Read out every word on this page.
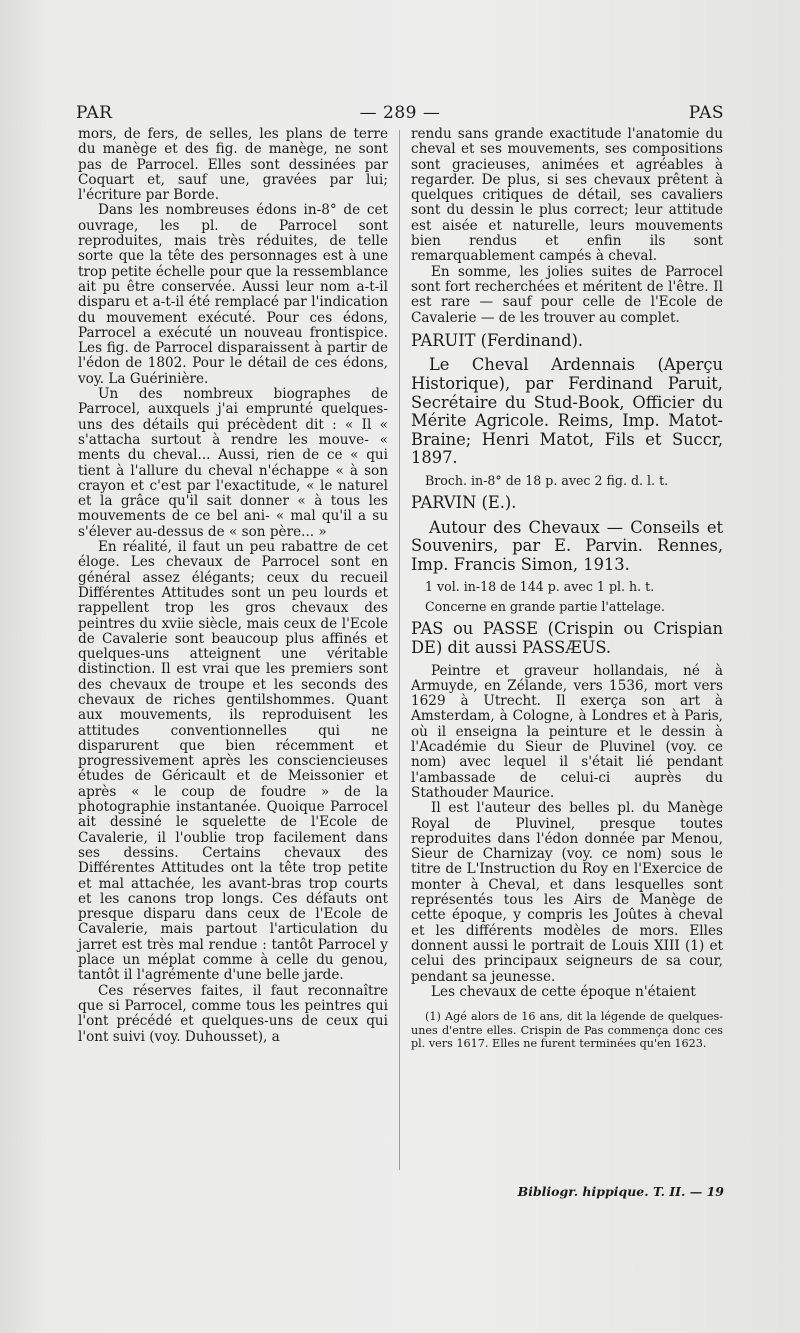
PAR	— 289 —	PAS

mors, de fers, de selles, les plans de terre du manège et des fig. de manège, ne sont pas de Parrocel. Elles sont dessinées par Coquart et, sauf une, gravées par lui; l'écriture par Borde.

Dans les nombreuses édons in-8° de cet ouvrage, les pl. de Parrocel sont reproduites, mais très réduites, de telle sorte que la tête des personnages est à une trop petite échelle pour que la ressemblance ait pu être conservée. Aussi leur nom a-t-il disparu et a-t-il été remplacé par l'indication du mouvement exécuté. Pour ces édons, Parrocel a exécuté un nouveau frontispice. Les fig. de Parrocel disparaissent à partir de l'édon de 1802. Pour le détail de ces édons, voy. La Guérinière.

Un des nombreux biographes de Parrocel, auxquels j'ai emprunté quelques-uns des détails qui précèdent dit : « Il « s'attacha surtout à rendre les mouve- « ments du cheval... Aussi, rien de ce « qui tient à l'allure du cheval n'échappe « à son crayon et c'est par l'exactitude, « le naturel et la grâce qu'il sait donner « à tous les mouvements de ce bel ani- « mal qu'il a su s'élever au-dessus de « son père... »

En réalité, il faut un peu rabattre de cet éloge. Les chevaux de Parrocel sont en général assez élégants; ceux du recueil Différentes Attitudes sont un peu lourds et rappellent trop les gros chevaux des peintres du xviie siècle, mais ceux de l'Ecole de Cavalerie sont beaucoup plus affinés et quelques-uns atteignent une véritable distinction. Il est vrai que les premiers sont des chevaux de troupe et les seconds des chevaux de riches gentilshommes. Quant aux mouvements, ils reproduisent les attitudes conventionnelles qui ne disparurent que bien récemment et progressivement après les consciencieuses études de Géricault et de Meissonier et après « le coup de foudre » de la photographie instantanée. Quoique Parrocel ait dessiné le squelette de l'Ecole de Cavalerie, il l'oublie trop facilement dans ses dessins. Certains chevaux des Différentes Attitudes ont la tête trop petite et mal attachée, les avant-bras trop courts et les canons trop longs. Ces défauts ont presque disparu dans ceux de l'Ecole de Cavalerie, mais partout l'articulation du jarret est très mal rendue : tantôt Parrocel y place un méplat comme à celle du genou, tantôt il l'agrémente d'une belle jarde.

Ces réserves faites, il faut reconnaître que si Parrocel, comme tous les peintres qui l'ont précédé et quelques-uns de ceux qui l'ont suivi (voy. Duhousset), a

rendu sans grande exactitude l'anatomie du cheval et ses mouvements, ses compositions sont gracieuses, animées et agréables à regarder. De plus, si ses chevaux prêtent à quelques critiques de détail, ses cavaliers sont du dessin le plus correct; leur attitude est aisée et naturelle, leurs mouvements bien rendus et enfin ils sont remarquablement campés à cheval.

En somme, les jolies suites de Parrocel sont fort recherchées et méritent de l'être. Il est rare — sauf pour celle de l'Ecole de Cavalerie — de les trouver au complet.

PARUIT (Ferdinand).

Le Cheval Ardennais (Aperçu Historique), par Ferdinand Paruit, Secrétaire du Stud-Book, Officier du Mérite Agricole. Reims, Imp. Matot-Braine; Henri Matot, Fils et Succr, 1897.

Broch. in-8° de 18 p. avec 2 fig. d. l. t.

PARVIN (E.).

Autour des Chevaux — Conseils et Souvenirs, par E. Parvin. Rennes, Imp. Francis Simon, 1913.

1 vol. in-18 de 144 p. avec 1 pl. h. t.

Concerne en grande partie l'attelage.

PAS ou PASSE (Crispin ou Crispian DE) dit aussi PASSÆUS.

Peintre et graveur hollandais, né à Armuyde, en Zélande, vers 1536, mort vers 1629 à Utrecht. Il exerça son art à Amsterdam, à Cologne, à Londres et à Paris, où il enseigna la peinture et le dessin à l'Académie du Sieur de Pluvinel (voy. ce nom) avec lequel il s'était lié pendant l'ambassade de celui-ci auprès du Stathouder Maurice.

Il est l'auteur des belles pl. du Manège Royal de Pluvinel, presque toutes reproduites dans l'édon donnée par Menou, Sieur de Charnizay (voy. ce nom) sous le titre de L'Instruction du Roy en l'Exercice de monter à Cheval, et dans lesquelles sont représentés tous les Airs de Manège de cette époque, y compris les Joûtes à cheval et les différents modèles de mors. Elles donnent aussi le portrait de Louis XIII (1) et celui des principaux seigneurs de sa cour, pendant sa jeunesse.

Les chevaux de cette époque n'étaient

(1) Agé alors de 16 ans, dit la légende de quelques-unes d'entre elles. Crispin de Pas commença donc ces pl. vers 1617. Elles ne furent terminées qu'en 1623.

Bibliogr. hippique. T. II. — 19
